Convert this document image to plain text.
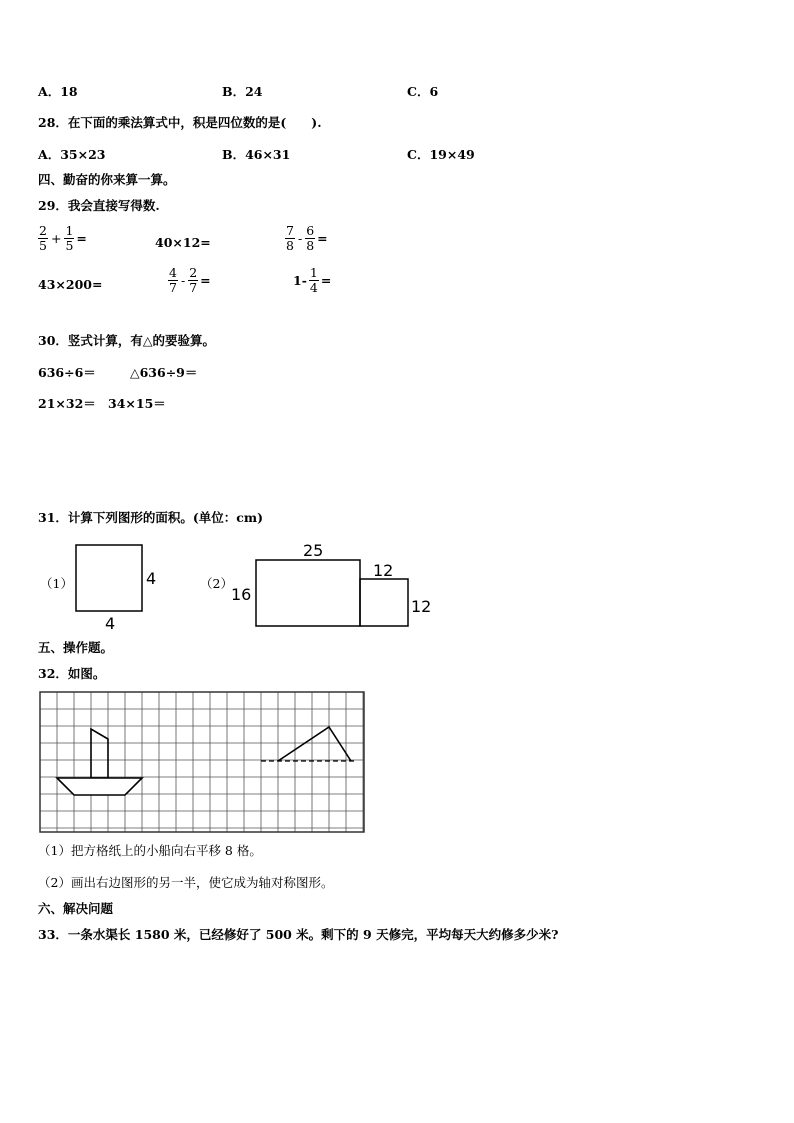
A．18	B．24	C．6
28．在下面的乘法算式中，积是四位数的是(　　).
A．35×23	B．46×31	C．19×49
四、勤奋的你来算一算。
29．我会直接写得数.
$\frac{2}{5} + \frac{1}{5}$ =	40×12=	$\frac{7}{8} - \frac{6}{8}$ =
43×200=	$\frac{4}{7} - \frac{2}{7}$ =	$1- \frac{1}{4}$ =
30．竖式计算，有△的要验算。
636÷6＝	△636÷9＝
21×32＝ 34×15＝
31．计算下列图形的面积。(单位：cm)
（1）	4
4
（2）
25
16
12
12
五、操作题。
32．如图。
（1）把方格纸上的小船向右平移 8 格。
（2）画出右边图形的另一半，使它成为轴对称图形。
六、解决问题
33．一条水渠长 1580 米，已经修好了 500 米。剩下的 9 天修完，平均每天大约修多少米?
